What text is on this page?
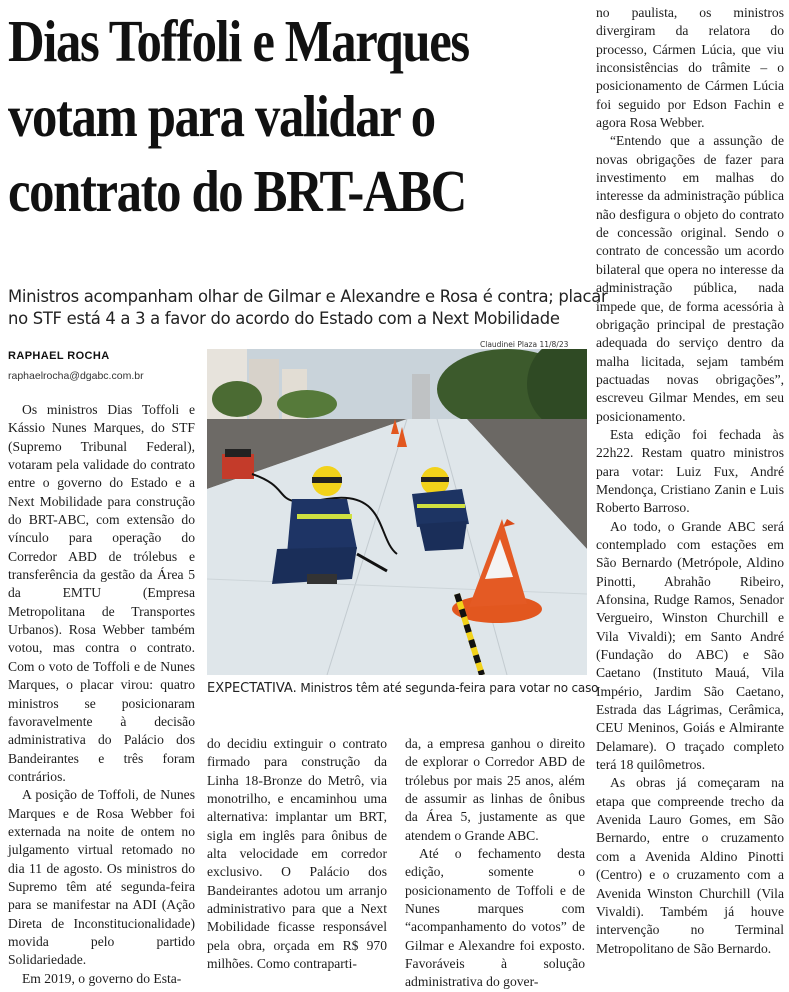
Dias Toffoli e Marques
votam para validar o
contrato do BRT-ABC
Ministros acompanham olhar de Gilmar e Alexandre e Rosa é contra; placar
no STF está 4 a 3 a favor do acordo do Estado com a Next Mobilidade
RAPHAEL ROCHA
raphaelrocha@dgabc.com.br

Os ministros Dias Toffoli e Kássio Nunes Marques, do STF (Supremo Tribunal Federal), votaram pela validade do contrato entre o governo do Estado e a Next Mobilidade para construção do BRT-ABC, com extensão do vínculo para operação do Corredor ABD de trólebus e transferência da gestão da Área 5 da EMTU (Empresa Metropolitana de Transportes Urbanos). Rosa Webber também votou, mas contra o contrato. Com o voto de Toffoli e de Nunes Marques, o placar virou: quatro ministros se posicionaram favoravelmente à decisão administrativa do Palácio dos Bandeirantes e três foram contrários.

A posição de Toffoli, de Nunes Marques e de Rosa Webber foi externada na noite de ontem no julgamento virtual retomado no dia 11 de agosto. Os ministros do Supremo têm até segunda-feira para se manifestar na ADI (Ação Direta de Inconstitucionalidade) movida pelo partido Solidariedade.

Em 2019, o governo do Esta-

Claudinei Plaza 11/8/23
EXPECTATIVA. Ministros têm até segunda-feira para votar no caso

do decidiu extinguir o contrato firmado para construção da Linha 18-Bronze do Metrô, via monotrilho, e encaminhou uma alternativa: implantar um BRT, sigla em inglês para ônibus de alta velocidade em corredor exclusivo. O Palácio dos Bandeirantes adotou um arranjo administrativo para que a Next Mobilidade ficasse responsável pela obra, orçada em R$ 970 milhões. Como contraparti-

da, a empresa ganhou o direito de explorar o Corredor ABD de trólebus por mais 25 anos, além de assumir as linhas de ônibus da Área 5, justamente as que atendem o Grande ABC.

Até o fechamento desta edição, somente o posicionamento de Toffoli e de Nunes marques com “acompanhamento do votos” de Gilmar e Alexandre foi exposto. Favoráveis à solução administrativa do gover-

no paulista, os ministros divergiram da relatora do processo, Cármen Lúcia, que viu inconsistências do trâmite – o posicionamento de Cármen Lúcia foi seguido por Edson Fachin e agora Rosa Webber.

“Entendo que a assunção de novas obrigações de fazer para investimento em malhas do interesse da administração pública não desfigura o objeto do contrato de concessão original. Sendo o contrato de concessão um acordo bilateral que opera no interesse da administração pública, nada impede que, de forma acessória à obrigação principal de prestação adequada do serviço dentro da malha licitada, sejam também pactuadas novas obrigações”, escreveu Gilmar Mendes, em seu posicionamento.

Esta edição foi fechada às 22h22. Restam quatro ministros para votar: Luiz Fux, André Mendonça, Cristiano Zanin e Luis Roberto Barroso.

Ao todo, o Grande ABC será contemplado com estações em São Bernardo (Metrópole, Aldino Pinotti, Abrahão Ribeiro, Afonsina, Rudge Ramos, Senador Vergueiro, Winston Churchill e Vila Vivaldi); em Santo André (Fundação do ABC) e São Caetano (Instituto Mauá, Vila Império, Jardim São Caetano, Estrada das Lágrimas, Cerâmica, CEU Meninos, Goiás e Almirante Delamare). O traçado completo terá 18 quilômetros.

As obras já começaram na etapa que compreende trecho da Avenida Lauro Gomes, em São Bernardo, entre o cruzamento com a Avenida Aldino Pinotti (Centro) e o cruzamento com a Avenida Winston Churchill (Vila Vivaldi). Também já houve intervenção no Terminal Metropolitano de São Bernardo.
